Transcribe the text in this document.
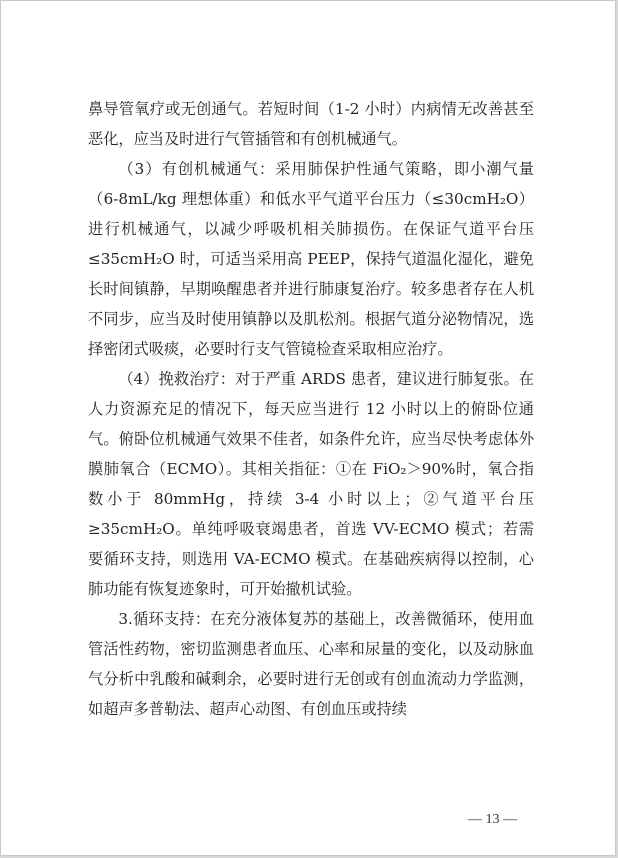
鼻导管氧疗或无创通气。若短时间（1-2 小时）内病情无改善甚至恶化，应当及时进行气管插管和有创机械通气。

（3）有创机械通气：采用肺保护性通气策略，即小潮气量（6-8mL/kg 理想体重）和低水平气道平台压力（≤30cmH₂O）进行机械通气，以减少呼吸机相关肺损伤。在保证气道平台压≤35cmH₂O 时，可适当采用高 PEEP，保持气道温化湿化，避免长时间镇静，早期唤醒患者并进行肺康复治疗。较多患者存在人机不同步，应当及时使用镇静以及肌松剂。根据气道分泌物情况，选择密闭式吸痰，必要时行支气管镜检查采取相应治疗。

（4）挽救治疗：对于严重 ARDS 患者，建议进行肺复张。在人力资源充足的情况下，每天应当进行 12 小时以上的俯卧位通气。俯卧位机械通气效果不佳者，如条件允许，应当尽快考虑体外膜肺氧合（ECMO）。其相关指征：①在 FiO₂＞90%时，氧合指数小于 80mmHg，持续 3-4 小时以上；②气道平台压≥35cmH₂O。单纯呼吸衰竭患者，首选 VV-ECMO 模式；若需要循环支持，则选用 VA-ECMO 模式。在基础疾病得以控制，心肺功能有恢复迹象时，可开始撤机试验。

3.循环支持：在充分液体复苏的基础上，改善微循环，使用血管活性药物，密切监测患者血压、心率和尿量的变化，以及动脉血气分析中乳酸和碱剩余，必要时进行无创或有创血流动力学监测，如超声多普勒法、超声心动图、有创血压或持续

— 13 —
